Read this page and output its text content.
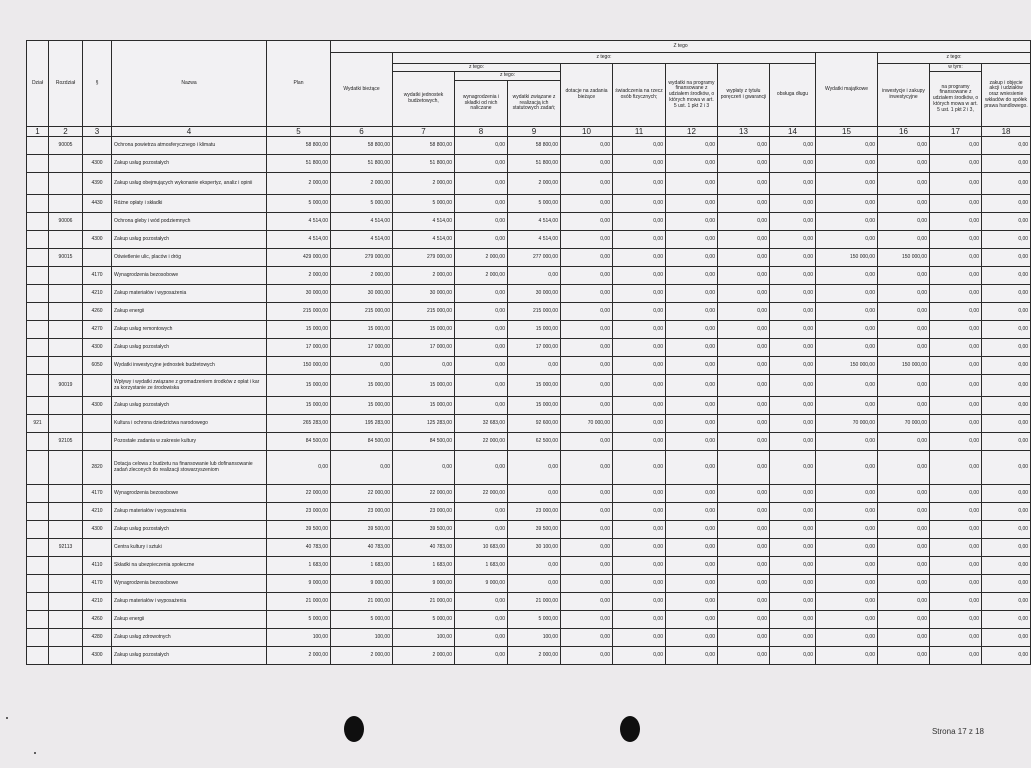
Dział	Rozdział	§	Nazwa	Plan	Z tego												
					Wydatki bieżące	z tego:								Wydatki majątkowe	z tego:		
						z tego:			dotacje na zadania bieżące	świadczenia na rzecz osób fizycznych;	wydatki na programy finansowane z udziałem środków, o których mowa w art. 5 ust. 1 pkt 2 i 3	wypłaty z tytułu poręczeń i gwarancji	obsługa długu		inwestycje i zakupy inwestycyjne	w tym:	zakup i objęcie akcji i udziałów oraz wniesienie wkładów do spółek prawa handlowego.
						wydatki jednostek budżetowych,	z tego:									na programy finansowane z udziałem środków, o których mowa w art. 5 ust. 1 pkt 2 i 3,	
							wynagrodzenia i składki od nich naliczane	wydatki związane z realizacją ich statutowych zadań;									
1	2	3	4	5	6	7	8	9	10	11	12	13	14	15	16	17	18
	90005		Ochrona powietrza atmosferycznego i klimatu	58 800,00	58 800,00	58 800,00	0,00	58 800,00	0,00	0,00	0,00	0,00	0,00	0,00	0,00	0,00	0,00
		4300	Zakup usług pozostałych	51 800,00	51 800,00	51 800,00	0,00	51 800,00	0,00	0,00	0,00	0,00	0,00	0,00	0,00	0,00	0,00
		4390	Zakup usług obejmujących wykonanie ekspertyz, analiz i opinii	2 000,00	2 000,00	2 000,00	0,00	2 000,00	0,00	0,00	0,00	0,00	0,00	0,00	0,00	0,00	0,00
		4430	Różne opłaty i składki	5 000,00	5 000,00	5 000,00	0,00	5 000,00	0,00	0,00	0,00	0,00	0,00	0,00	0,00	0,00	0,00
	90006		Ochrona gleby i wód podziemnych	4 514,00	4 514,00	4 514,00	0,00	4 514,00	0,00	0,00	0,00	0,00	0,00	0,00	0,00	0,00	0,00
		4300	Zakup usług pozostałych	4 514,00	4 514,00	4 514,00	0,00	4 514,00	0,00	0,00	0,00	0,00	0,00	0,00	0,00	0,00	0,00
	90015		Oświetlenie ulic, placów i dróg	429 000,00	279 000,00	279 000,00	2 000,00	277 000,00	0,00	0,00	0,00	0,00	0,00	150 000,00	150 000,00	0,00	0,00
		4170	Wynagrodzenia bezosobowe	2 000,00	2 000,00	2 000,00	2 000,00	0,00	0,00	0,00	0,00	0,00	0,00	0,00	0,00	0,00	0,00
		4210	Zakup materiałów i wyposażenia	30 000,00	30 000,00	30 000,00	0,00	30 000,00	0,00	0,00	0,00	0,00	0,00	0,00	0,00	0,00	0,00
		4260	Zakup energii	215 000,00	215 000,00	215 000,00	0,00	215 000,00	0,00	0,00	0,00	0,00	0,00	0,00	0,00	0,00	0,00
		4270	Zakup usług remontowych	15 000,00	15 000,00	15 000,00	0,00	15 000,00	0,00	0,00	0,00	0,00	0,00	0,00	0,00	0,00	0,00
		4300	Zakup usług pozostałych	17 000,00	17 000,00	17 000,00	0,00	17 000,00	0,00	0,00	0,00	0,00	0,00	0,00	0,00	0,00	0,00
		6050	Wydatki inwestycyjne jednostek budżetowych	150 000,00	0,00	0,00	0,00	0,00	0,00	0,00	0,00	0,00	0,00	150 000,00	150 000,00	0,00	0,00
	90019		Wpływy i wydatki związane z gromadzeniem środków z opłat i kar za korzystanie ze środowiska	15 000,00	15 000,00	15 000,00	0,00	15 000,00	0,00	0,00	0,00	0,00	0,00	0,00	0,00	0,00	0,00
		4300	Zakup usług pozostałych	15 000,00	15 000,00	15 000,00	0,00	15 000,00	0,00	0,00	0,00	0,00	0,00	0,00	0,00	0,00	0,00
921			Kultura i ochrona dziedzictwa narodowego	265 283,00	195 283,00	125 283,00	32 683,00	92 600,00	70 000,00	0,00	0,00	0,00	0,00	70 000,00	70 000,00	0,00	0,00
	92105		Pozostałe zadania w zakresie kultury	84 500,00	84 500,00	84 500,00	22 000,00	62 500,00	0,00	0,00	0,00	0,00	0,00	0,00	0,00	0,00	0,00
		2820	Dotacja celowa z budżetu na finansowanie lub dofinansowanie zadań zleconych do realizacji stowarzyszeniom	0,00	0,00	0,00	0,00	0,00	0,00	0,00	0,00	0,00	0,00	0,00	0,00	0,00	0,00
		4170	Wynagrodzenia bezosobowe	22 000,00	22 000,00	22 000,00	22 000,00	0,00	0,00	0,00	0,00	0,00	0,00	0,00	0,00	0,00	0,00
		4210	Zakup materiałów i wyposażenia	23 000,00	23 000,00	23 000,00	0,00	23 000,00	0,00	0,00	0,00	0,00	0,00	0,00	0,00	0,00	0,00
		4300	Zakup usług pozostałych	39 500,00	39 500,00	39 500,00	0,00	39 500,00	0,00	0,00	0,00	0,00	0,00	0,00	0,00	0,00	0,00
	92113		Centra kultury i sztuki	40 783,00	40 783,00	40 783,00	10 683,00	30 100,00	0,00	0,00	0,00	0,00	0,00	0,00	0,00	0,00	0,00
		4110	Składki na ubezpieczenia społeczne	1 683,00	1 683,00	1 683,00	1 683,00	0,00	0,00	0,00	0,00	0,00	0,00	0,00	0,00	0,00	0,00
		4170	Wynagrodzenia bezosobowe	9 000,00	9 000,00	9 000,00	9 000,00	0,00	0,00	0,00	0,00	0,00	0,00	0,00	0,00	0,00	0,00
		4210	Zakup materiałów i wyposażenia	21 000,00	21 000,00	21 000,00	0,00	21 000,00	0,00	0,00	0,00	0,00	0,00	0,00	0,00	0,00	0,00
		4260	Zakup energii	5 000,00	5 000,00	5 000,00	0,00	5 000,00	0,00	0,00	0,00	0,00	0,00	0,00	0,00	0,00	0,00
		4280	Zakup usług zdrowotnych	100,00	100,00	100,00	0,00	100,00	0,00	0,00	0,00	0,00	0,00	0,00	0,00	0,00	0,00
		4300	Zakup usług pozostałych	2 000,00	2 000,00	2 000,00	0,00	2 000,00	0,00	0,00	0,00	0,00	0,00	0,00	0,00	0,00	0,00
Strona 17 z 18
